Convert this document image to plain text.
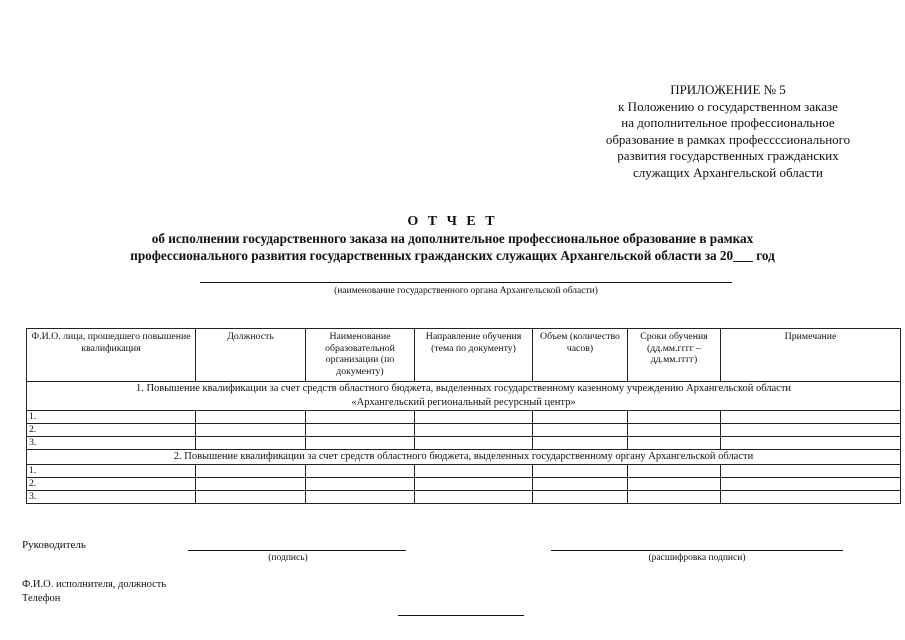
ПРИЛОЖЕНИЕ № 5
к Положению о государственном заказе
на дополнительное профессиональное
образование в рамках профессссионального
развития государственных гражданских
служащих Архангельской области
О Т Ч Е Т
об исполнении государственного заказа на дополнительное профессиональное образование в рамках
профессионального развития государственных гражданских служащих Архангельской области за 20___ год
(наименование государственного органа Архангельской области)
Ф.И.О. лица, прошедшего повышение квалификация	Должность	Наименование образовательной организации (по документу)	Направление обучения (тема по документу)	Объем (количество часов)	Сроки обучения (дд.мм.гггг – дд.мм.гггг)	Примечание

1. Повышение квалификации за счет средств областного бюджета, выделенных государственному казенному учреждению Архангельской области
«Архангельский региональный ресурсный центр»						

1.						
2.						
3.						
2. Повышение квалификации за счет средств областного бюджета, выделенных государственному органу Архангельской области						
1.						
2.						
3.						
Руководитель
(подпись)	(расшифровка подписи)
Ф.И.О. исполнителя, должность
Телефон
